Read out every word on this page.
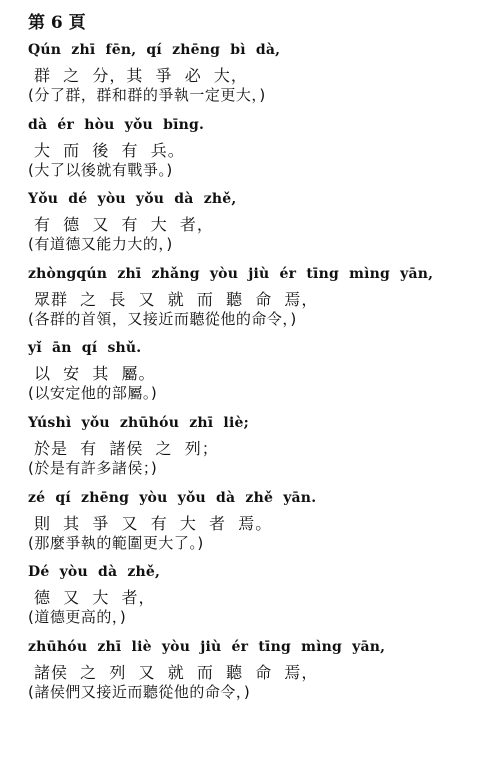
第 6 頁
Qún  zhī  fēn,  qí  zhēng  bì  dà,
群  之  分，其  爭  必  大，
(分了群，群和群的爭執一定更大，)
dà  ér  hòu  yǒu  bīng.
大  而  後  有  兵。
(大了以後就有戰爭。)
Yǒu  dé  yòu  yǒu  dà  zhě,
有  德  又  有  大  者，
(有道德又能力大的，)
zhòngqún  zhī  zhǎng  yòu  jiù  ér  tīng  mìng  yān,
眾群  之  長  又  就  而  聽  命  焉，
(各群的首領，又接近而聽從他的命令，)
yǐ  ān  qí  shǔ.
以  安  其  屬。
(以安定他的部屬。)
Yúshì  yǒu  zhūhóu  zhī  liè;
於是  有  諸侯  之  列；
(於是有許多諸侯；)
zé  qí  zhēng  yòu  yǒu  dà  zhě  yān.
則  其  爭  又  有  大  者  焉。
(那麼爭執的範圍更大了。)
Dé  yòu  dà  zhě,
德  又  大  者，
(道德更高的，)
zhūhóu  zhī  liè  yòu  jiù  ér  tīng  mìng  yān,
諸侯  之  列  又  就  而  聽  命  焉，
(諸侯們又接近而聽從他的命令，)
